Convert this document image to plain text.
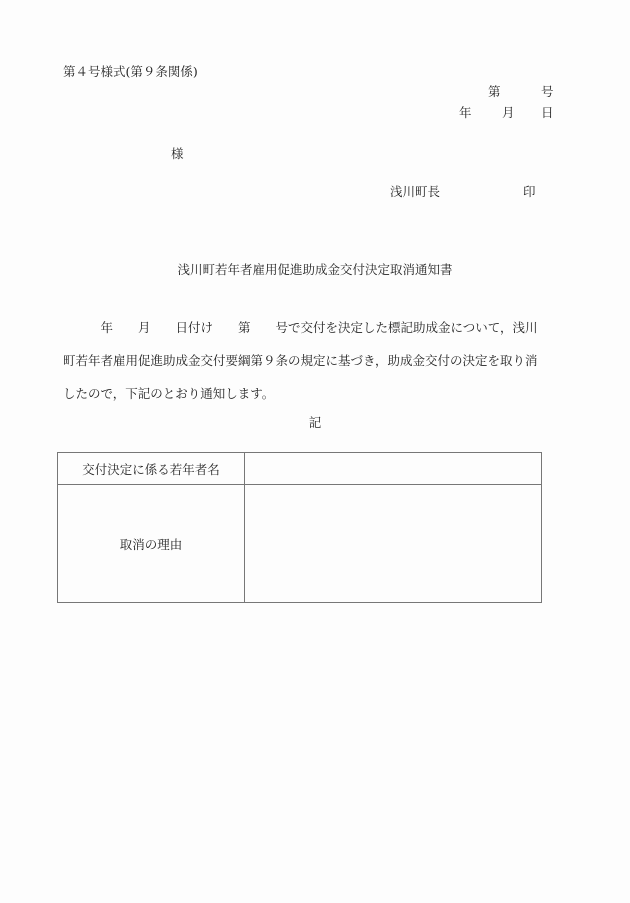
第４号様式(第９条関係)
第	号
年 月 日
様
浅川町長	印
浅川町若年者雇用促進助成金交付決定取消通知書
　　　年　　月　　日付け　　第　　号で交付を決定した標記助成金について，浅川
町若年者雇用促進助成金交付要綱第９条の規定に基づき，助成金交付の決定を取り消
したので，下記のとおり通知します。
記
交付決定に係る若年者名	
取消の理由	
